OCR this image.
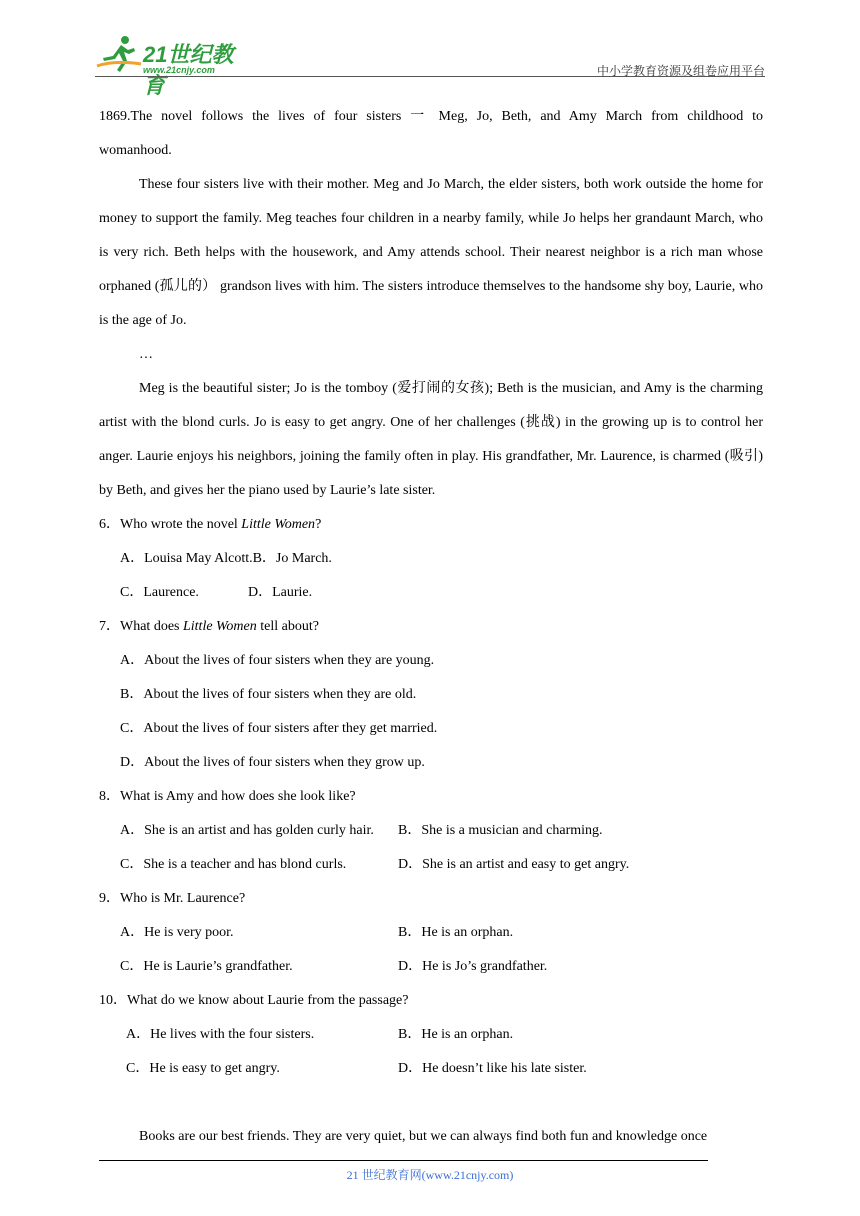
21世纪教育
www.21cnjy.com	中小学教育资源及组卷应用平台

1869.The novel follows the lives of four sisters 一 Meg, Jo, Beth, and Amy March from childhood to

womanhood.

These four sisters live with their mother. Meg and Jo March, the elder sisters, both work outside the home for money to support the family. Meg teaches four children in a nearby family, while Jo helps her grandaunt March, who is very rich. Beth helps with the housework, and Amy attends school. Their nearest neighbor is a rich man whose orphaned (孤儿的） grandson lives with him. The sisters introduce themselves to the handsome shy boy, Laurie, who is the age of Jo.

…

Meg is the beautiful sister; Jo is the tomboy (爱打闹的女孩); Beth is the musician, and Amy is the charming artist with the blond curls. Jo is easy to get angry. One of her challenges (挑战) in the growing up is to control her anger. Laurie enjoys his neighbors, joining the family often in play. His grandfather, Mr. Laurence, is charmed (吸引) by Beth, and gives her the piano used by Laurie’s late sister.

6．Who wrote the novel Little Women?

A．Louisa May Alcott.B．Jo March.

C．Laurence.	D．Laurie.

7．What does Little Women tell about?

A．About the lives of four sisters when they are young.

B．About the lives of four sisters when they are old.

C．About the lives of four sisters after they get married.

D．About the lives of four sisters when they grow up.

8．What is Amy and how does she look like?

A．She is an artist and has golden curly hair.	B．She is a musician and charming.
C．She is a teacher and has blond curls.	D．She is an artist and easy to get angry.

9．Who is Mr. Laurence?

A．He is very poor.	B．He is an orphan.
C．He is Laurie’s grandfather.	D．He is Jo’s grandfather.

10．What do we know about Laurie from the passage?

A．He lives with the four sisters.	B．He is an orphan.
C．He is easy to get angry.	D．He doesn’t like his late sister.

Books are our best friends. They are very quiet, but we can always find both fun and knowledge once

21 世纪教育网(www.21cnjy.com)
